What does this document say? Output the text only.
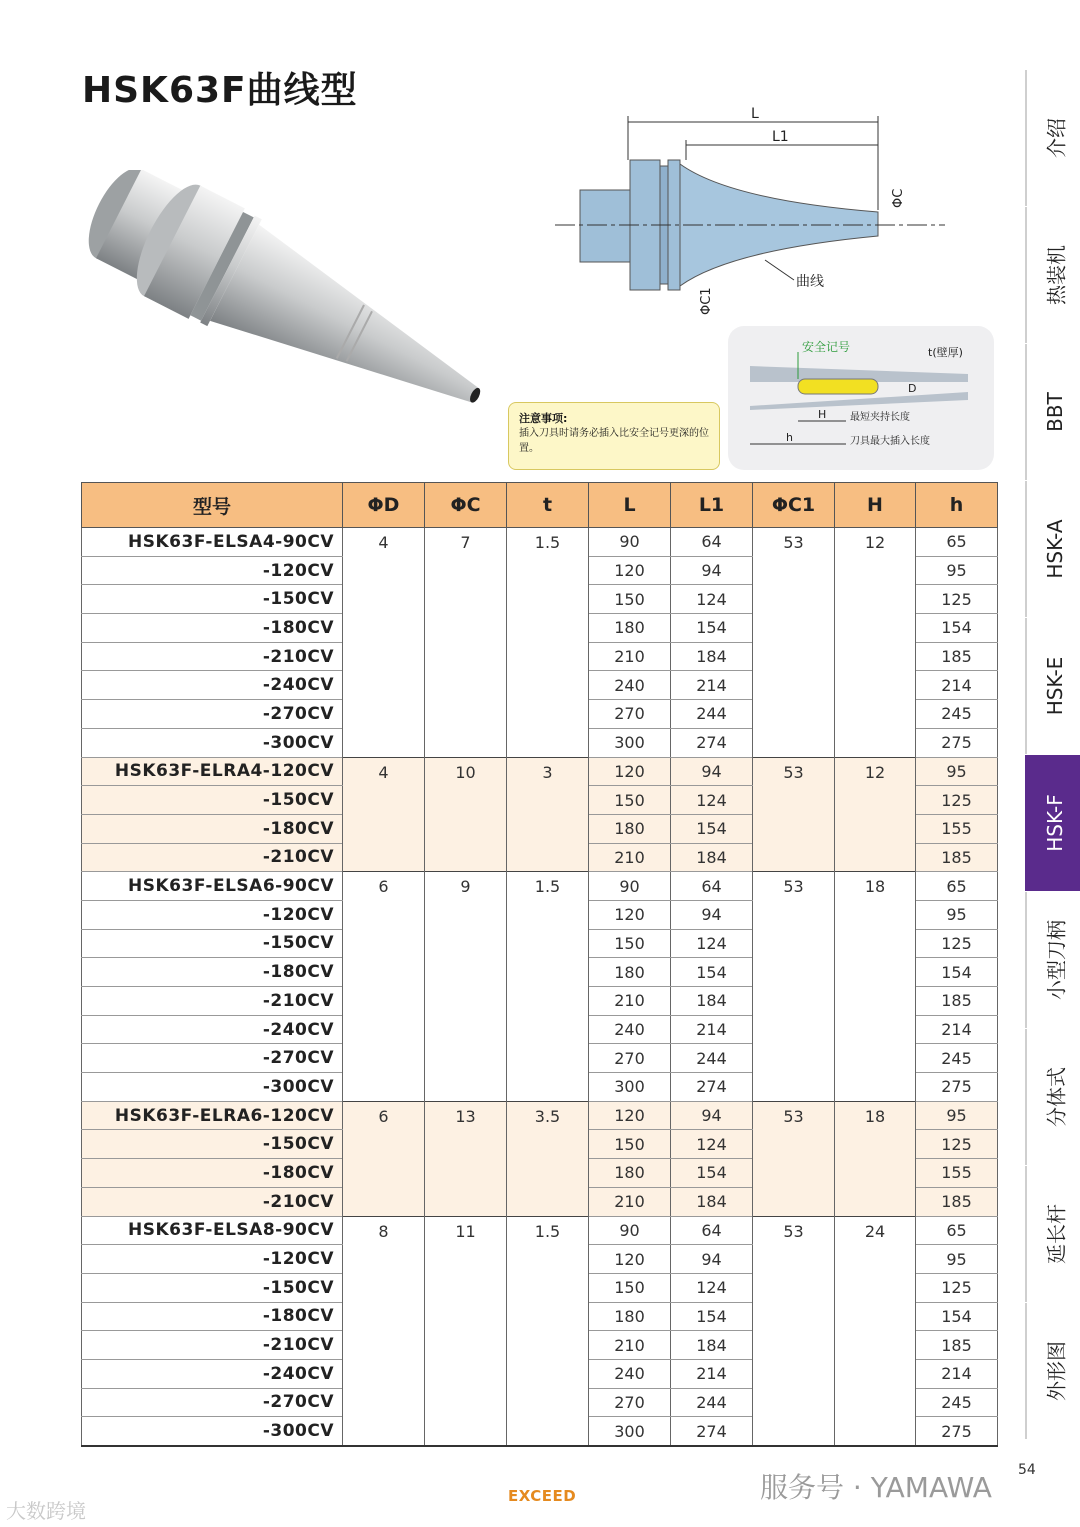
HSK63F曲线型
L
L1
ΦC
ΦC1
曲线
注意事项:
插入刀具时请务必插入比安全记号更深的位置。
安全记号	t(壁厚)
D
H 最短夹持长度
h	刀具最大插入长度
型号	ΦD	ΦC	t	L	L1	ΦC1	H	h
HSK63F-ELSA4-90CV	4	7	1.5	90	64	53	12	65
-120CV				120	94			95
-150CV				150	124			125
-180CV				180	154			154
-210CV				210	184			185
-240CV				240	214			214
-270CV				270	244			245
-300CV				300	274			275
HSK63F-ELRA4-120CV	4	10	3	120	94	53	12	95
-150CV				150	124			125
-180CV				180	154			155
-210CV				210	184			185
HSK63F-ELSA6-90CV	6	9	1.5	90	64	53	18	65
-120CV				120	94			95
-150CV				150	124			125
-180CV				180	154			154
-210CV				210	184			185
-240CV				240	214			214
-270CV				270	244			245
-300CV				300	274			275
HSK63F-ELRA6-120CV	6	13	3.5	120	94	53	18	95
-150CV				150	124			125
-180CV				180	154			155
-210CV				210	184			185
HSK63F-ELSA8-90CV	8	11	1.5	90	64	53	24	65
-120CV				120	94			95
-150CV				150	124			125
-180CV				180	154			154
-210CV				210	184			185
-240CV				240	214			214
-270CV				270	244			245
-300CV				300	274			275
介绍
热装机
BBT
HSK-A
HSK-E
HSK-F
小型刀柄
分体式
延长杆
外形图
54
EXCEED	服务号 · YAMAWA
大数跨境
